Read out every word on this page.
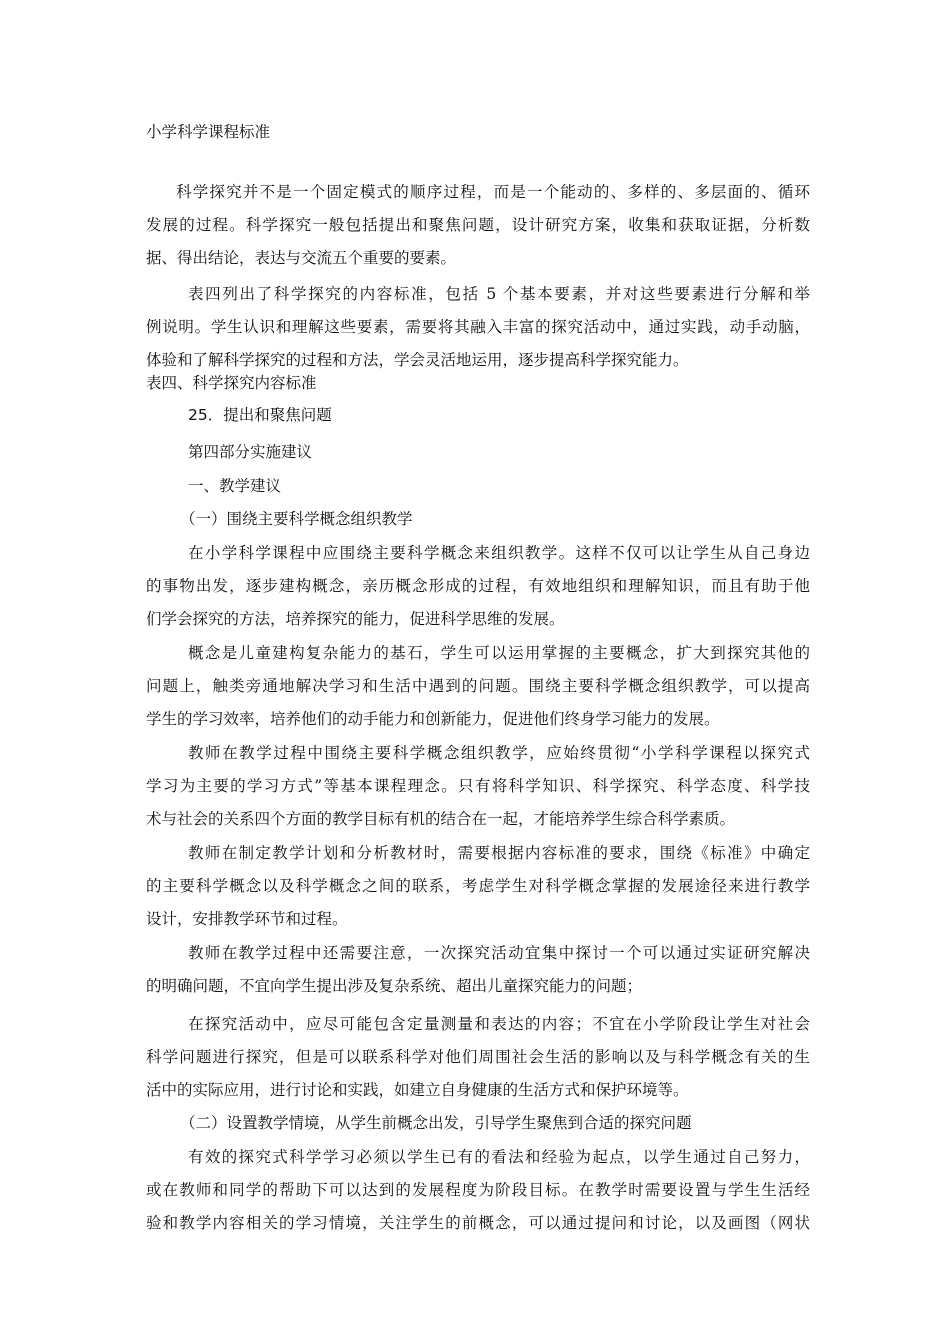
小学科学课程标准
科学探究并不是一个固定模式的顺序过程，而是一个能动的、多样的、多层面的、循环
发展的过程。科学探究一般包括提出和聚焦问题，设计研究方案，收集和获取证据，分析数
据、得出结论，表达与交流五个重要的要素。
表四列出了科学探究的内容标准，包括 5 个基本要素，并对这些要素进行分解和举
例说明。学生认识和理解这些要素，需要将其融入丰富的探究活动中，通过实践，动手动脑，
体验和了解科学探究的过程和方法，学会灵活地运用，逐步提高科学探究能力。
表四、科学探究内容标准
25．提出和聚焦问题
第四部分实施建议
一、教学建议
（一）围绕主要科学概念组织教学
在小学科学课程中应围绕主要科学概念来组织教学。这样不仅可以让学生从自己身边
的事物出发，逐步建构概念，亲历概念形成的过程，有效地组织和理解知识，而且有助于他
们学会探究的方法，培养探究的能力，促进科学思维的发展。
概念是儿童建构复杂能力的基石，学生可以运用掌握的主要概念，扩大到探究其他的
问题上，触类旁通地解决学习和生活中遇到的问题。围绕主要科学概念组织教学，可以提高
学生的学习效率，培养他们的动手能力和创新能力，促进他们终身学习能力的发展。
教师在教学过程中围绕主要科学概念组织教学，应始终贯彻“小学科学课程以探究式
学习为主要的学习方式”等基本课程理念。只有将科学知识、科学探究、科学态度、科学技
术与社会的关系四个方面的教学目标有机的结合在一起，才能培养学生综合科学素质。
教师在制定教学计划和分析教材时，需要根据内容标准的要求，围绕《标准》中确定
的主要科学概念以及科学概念之间的联系，考虑学生对科学概念掌握的发展途径来进行教学
设计，安排教学环节和过程。
教师在教学过程中还需要注意，一次探究活动宜集中探讨一个可以通过实证研究解决
的明确问题，不宜向学生提出涉及复杂系统、超出儿童探究能力的问题；
在探究活动中，应尽可能包含定量测量和表达的内容；不宜在小学阶段让学生对社会
科学问题进行探究，但是可以联系科学对他们周围社会生活的影响以及与科学概念有关的生
活中的实际应用，进行讨论和实践，如建立自身健康的生活方式和保护环境等。
（二）设置教学情境，从学生前概念出发，引导学生聚焦到合适的探究问题
有效的探究式科学学习必须以学生已有的看法和经验为起点，以学生通过自己努力，
或在教师和同学的帮助下可以达到的发展程度为阶段目标。在教学时需要设置与学生生活经
验和教学内容相关的学习情境，关注学生的前概念，可以通过提问和讨论，以及画图（网状
